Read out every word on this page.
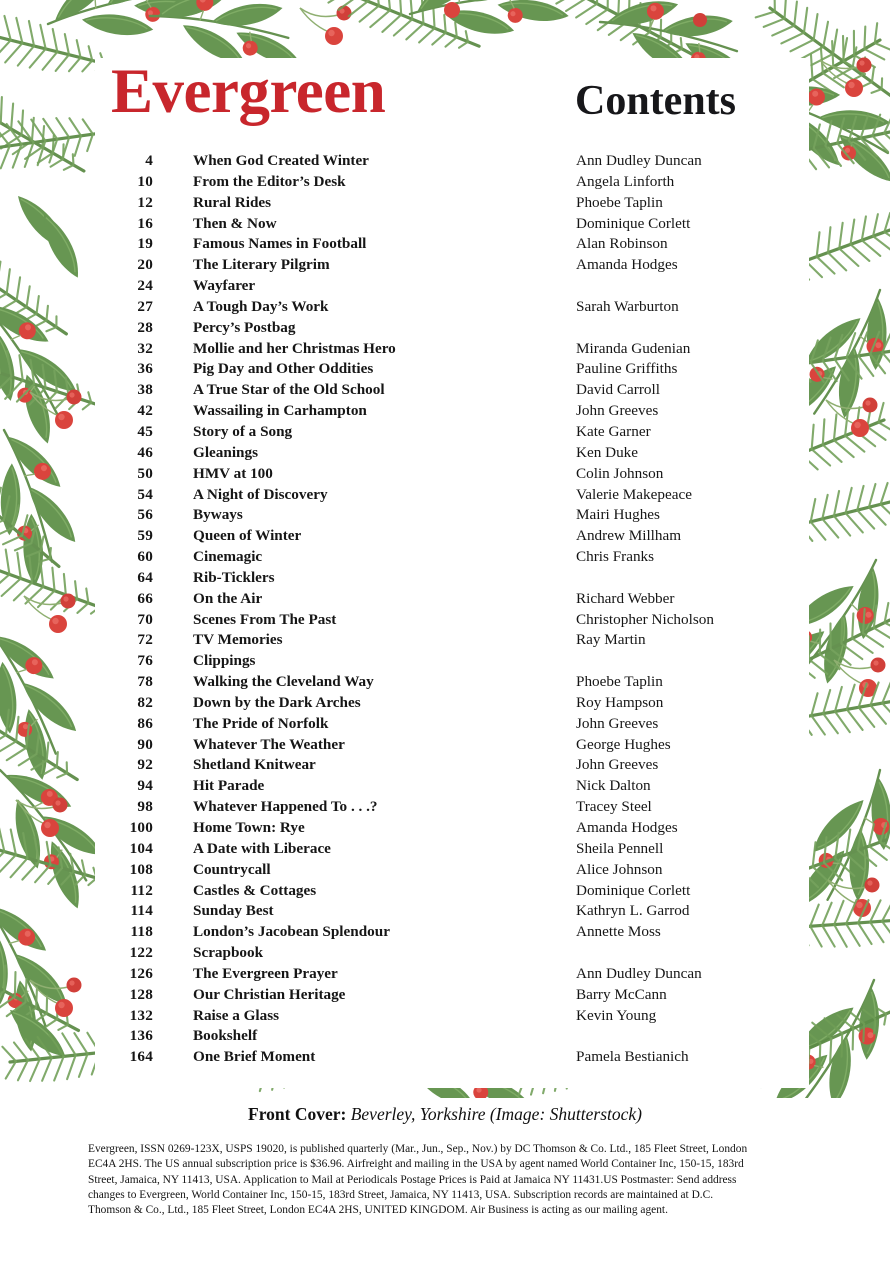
Evergreen	Contents
4	When God Created Winter	Ann Dudley Duncan
10	From the Editor’s Desk	Angela Linforth
12	Rural Rides	Phoebe Taplin
16	Then & Now	Dominique Corlett
19	Famous Names in Football	Alan Robinson
20	The Literary Pilgrim	Amanda Hodges
24	Wayfarer
27	A Tough Day’s Work	Sarah Warburton
28	Percy’s Postbag
32	Mollie and her Christmas Hero	Miranda Gudenian
36	Pig Day and Other Oddities	Pauline Griffiths
38	A True Star of the Old School	David Carroll
42	Wassailing in Carhampton	John Greeves
45	Story of a Song	Kate Garner
46	Gleanings	Ken Duke
50	HMV at 100	Colin Johnson
54	A Night of Discovery	Valerie Makepeace
56	Byways	Mairi Hughes
59	Queen of Winter	Andrew Millham
60	Cinemagic	Chris Franks
64	Rib-Ticklers
66	On the Air	Richard Webber
70	Scenes From The Past	Christopher Nicholson
72	TV Memories	Ray Martin
76	Clippings
78	Walking the Cleveland Way	Phoebe Taplin
82	Down by the Dark Arches	Roy Hampson
86	The Pride of Norfolk	John Greeves
90	Whatever The Weather	George Hughes
92	Shetland Knitwear	John Greeves
94	Hit Parade	Nick Dalton
98	Whatever Happened To . . .?	Tracey Steel
100	Home Town: Rye	Amanda Hodges
104	A Date with Liberace	Sheila Pennell
108	Countrycall	Alice Johnson
112	Castles & Cottages	Dominique Corlett
114	Sunday Best	Kathryn L. Garrod
118	London’s Jacobean Splendour	Annette Moss
122	Scrapbook
126	The Evergreen Prayer	Ann Dudley Duncan
128	Our Christian Heritage	Barry McCann
132	Raise a Glass	Kevin Young
136	Bookshelf
164	One Brief Moment	Pamela Bestianich
Front Cover: Beverley, Yorkshire (Image: Shutterstock)
Evergreen, ISSN 0269-123X, USPS 19020, is published quarterly (Mar., Jun., Sep., Nov.) by DC Thomson & Co. Ltd., 185 Fleet Street, London
EC4A 2HS. The US annual subscription price is $36.96. Airfreight and mailing in the USA by agent named World Container Inc, 150-15, 183rd
Street, Jamaica, NY 11413, USA. Application to Mail at Periodicals Postage Prices is Paid at Jamaica NY 11431.US Postmaster: Send address
changes to Evergreen, World Container Inc, 150-15, 183rd Street, Jamaica, NY 11413, USA. Subscription records are maintained at D.C.
Thomson & Co., Ltd., 185 Fleet Street, London EC4A 2HS, UNITED KINGDOM. Air Business is acting as our mailing agent.
